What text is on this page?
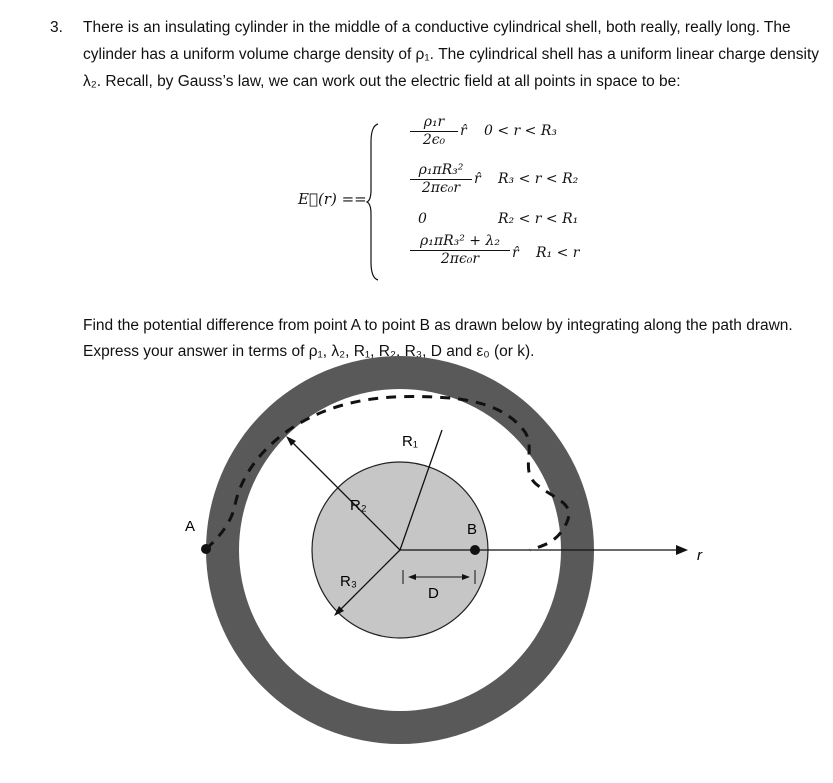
3. There is an insulating cylinder in the middle of a conductive cylindrical shell, both really, really long. The cylinder has a uniform volume charge density of ρ₁. The cylindrical shell has a uniform linear charge density λ₂. Recall, by Gauss’s law, we can work out the electric field at all points in space to be:
E⃗(r) ==
$\frac{\text{ρ₁r}}{\text{2ϵ₀}}$ r̂ 0 < r < R₃
$\frac{\text{ρ₁πR₃²}}{\text{2πϵ₀r}}$ r̂ R₃ < r < R₂
0	R₂ < r < R₁
$\frac{\text{ρ₁πR₃² + λ₂}}{\text{2πϵ₀r}}$ r̂ R₁ < r
Find the potential difference from point A to point B as drawn below by integrating along the path drawn. Express your answer in terms of ρ₁, λ₂, R₁, R₂, R₃, D and ε₀ (or k).
R₁
R₂
R₃
A	B
D
r
